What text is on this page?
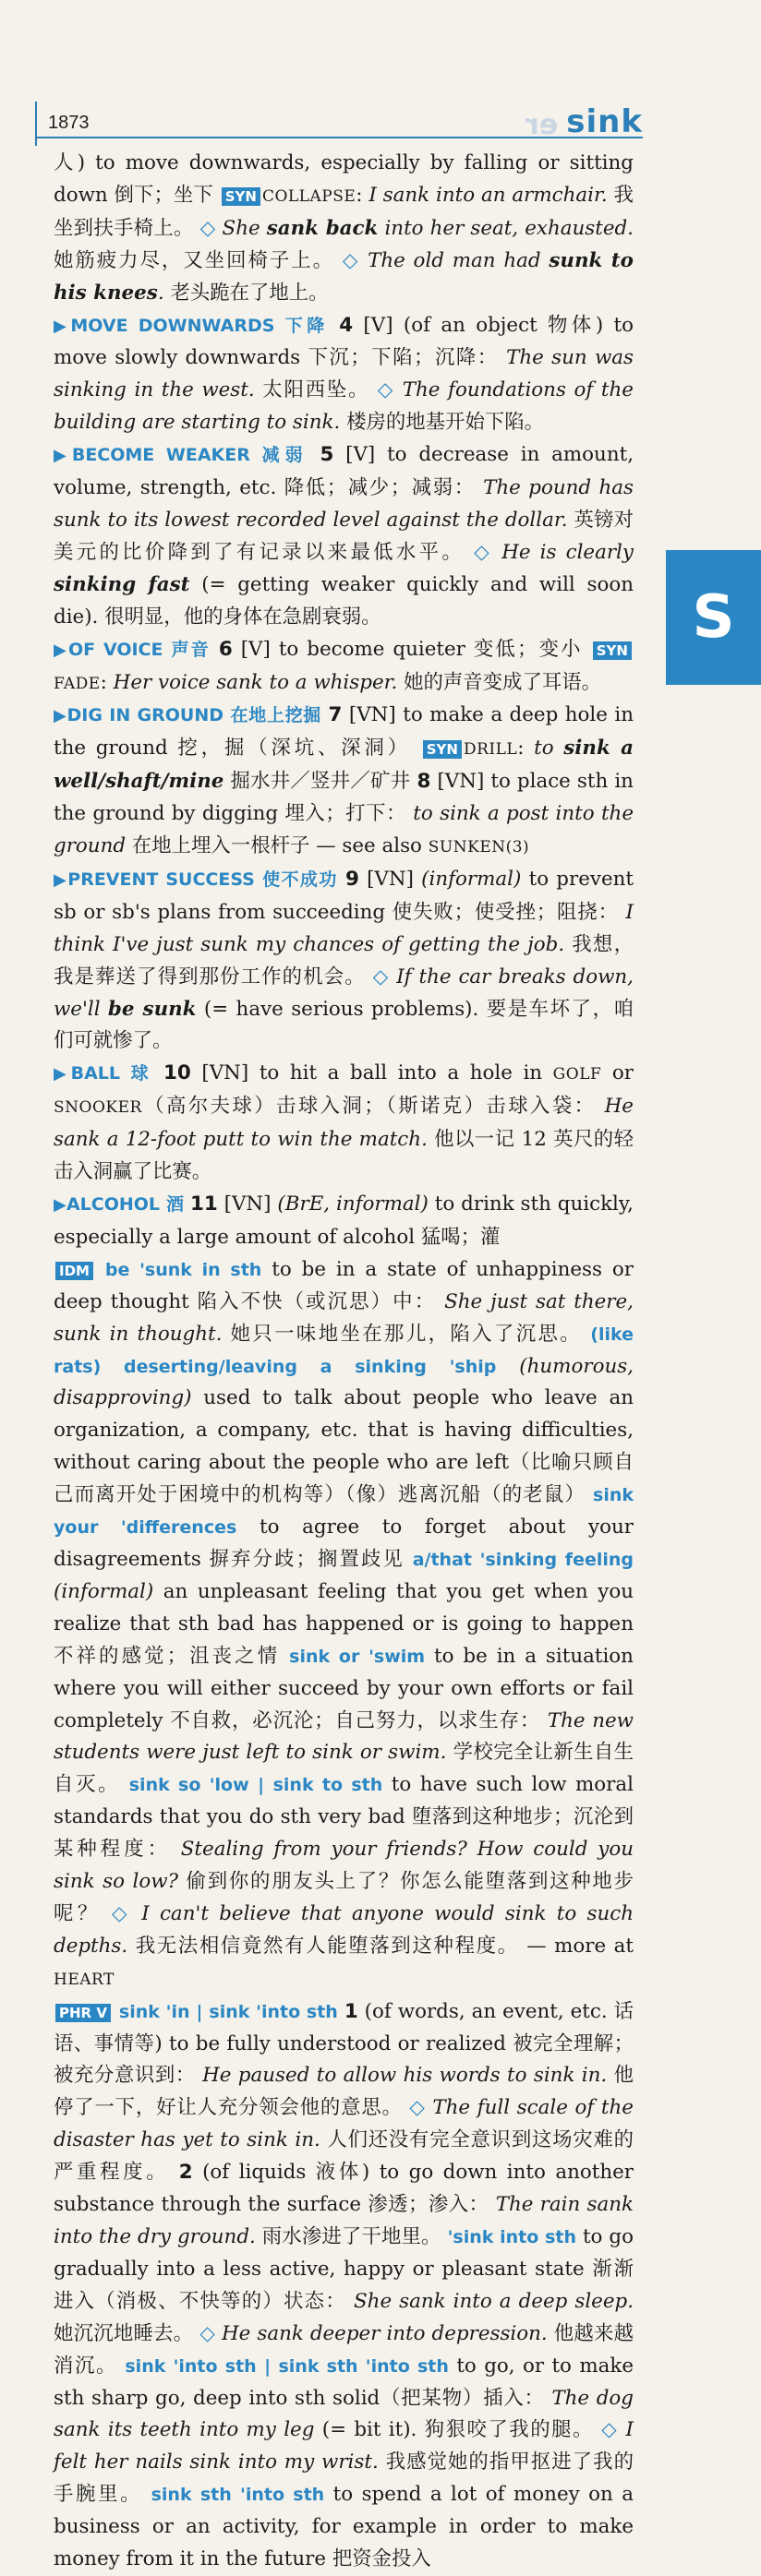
1873	er sink
S

人) to move downwards, especially by falling or sitting down 倒下；坐下 SYN COLLAPSE: I sank into an armchair. 我坐到扶手椅上。 ◇ She sank back into her seat, exhausted. 她筋疲力尽，又坐回椅子上。 ◇ The old man had sunk to his knees. 老头跪在了地上。

▶MOVE DOWNWARDS 下降 4 [V] (of an object 物体) to move slowly downwards 下沉；下陷；沉降： The sun was sinking in the west. 太阳西坠。 ◇ The foundations of the building are starting to sink. 楼房的地基开始下陷。

▶BECOME WEAKER 减弱 5 [V] to decrease in amount, volume, strength, etc. 降低；减少；减弱： The pound has sunk to its lowest recorded level against the dollar. 英镑对美元的比价降到了有记录以来最低水平。 ◇ He is clearly sinking fast (= getting weaker quickly and will soon die). 很明显，他的身体在急剧衰弱。

▶OF VOICE 声音 6 [V] to become quieter 变低；变小 SYNFADE: Her voice sank to a whisper. 她的声音变成了耳语。

▶DIG IN GROUND 在地上挖掘 7 [VN] to make a deep hole in the ground 挖，掘（深坑、深洞） SYN DRILL: to sink a well/shaft/mine 掘水井／竖井／矿井 8 [VN] to place sth in the ground by digging 埋入；打下： to sink a post into the ground 在地上埋入一根杆子 — see also SUNKEN(3)

▶PREVENT SUCCESS 使不成功 9 [VN] (informal) to prevent sb or sb's plans from succeeding 使失败；使受挫；阻挠： I think I've just sunk my chances of getting the job. 我想，我是葬送了得到那份工作的机会。 ◇ If the car breaks down, we'll be sunk (= have serious problems). 要是车坏了，咱们可就惨了。

▶BALL 球 10 [VN] to hit a ball into a hole in GOLF or SNOOKER（高尔夫球）击球入洞；（斯诺克）击球入袋： He sank a 12-foot putt to win the match. 他以一记 12 英尺的轻击入洞赢了比赛。

▶ALCOHOL 酒 11 [VN] (BrE, informal) to drink sth quickly, especially a large amount of alcohol 猛喝；灌

IDM be 'sunk in sth to be in a state of unhappiness or deep thought 陷入不快（或沉思）中： She just sat there, sunk in thought. 她只一味地坐在那儿，陷入了沉思。 (like rats) deserting/leaving a sinking 'ship (humorous, disapproving) used to talk about people who leave an organization, a company, etc. that is having difficulties, without caring about the people who are left（比喻只顾自己而离开处于困境中的机构等）（像）逃离沉船（的老鼠） sink your 'differences to agree to forget about your disagreements 摒弃分歧；搁置歧见 a/that 'sinking feeling (informal) an unpleasant feeling that you get when you realize that sth bad has happened or is going to happen 不祥的感觉；沮丧之情 sink or 'swim to be in a situation where you will either succeed by your own efforts or fail completely 不自救，必沉沦；自己努力，以求生存： The new students were just left to sink or swim. 学校完全让新生自生自灭。 sink so 'low | sink to sth to have such low moral standards that you do sth very bad 堕落到这种地步；沉沦到某种程度： Stealing from your friends? How could you sink so low? 偷到你的朋友头上了？你怎么能堕落到这种地步呢？ ◇ I can't believe that anyone would sink to such depths. 我无法相信竟然有人能堕落到这种程度。 — more at HEART

PHR V sink 'in | sink 'into sth 1 (of words, an event, etc. 话语、事情等) to be fully understood or realized 被完全理解；被充分意识到： He paused to allow his words to sink in. 他停了一下，好让人充分领会他的意思。 ◇ The full scale of the disaster has yet to sink in. 人们还没有完全意识到这场灾难的严重程度。 2 (of liquids 液体) to go down into another substance through the surface 渗透；渗入： The rain sank into the dry ground. 雨水渗进了干地里。 'sink into sth to go gradually into a less active, happy or pleasant state 渐渐进入（消极、不快等的）状态： She sank into a deep sleep. 她沉沉地睡去。 ◇ He sank deeper into depression. 他越来越消沉。 sink 'into sth | sink sth 'into sth to go, or to make sth sharp go, deep into sth solid（把某物）插入： The dog sank its teeth into my leg (= bit it). 狗狠咬了我的腿。 ◇ I felt her nails sink into my wrist. 我感觉她的指甲抠进了我的手腕里。 sink sth 'into sth to spend a lot of money on a business or an activity, for example in order to make money from it in the future 把资金投入
